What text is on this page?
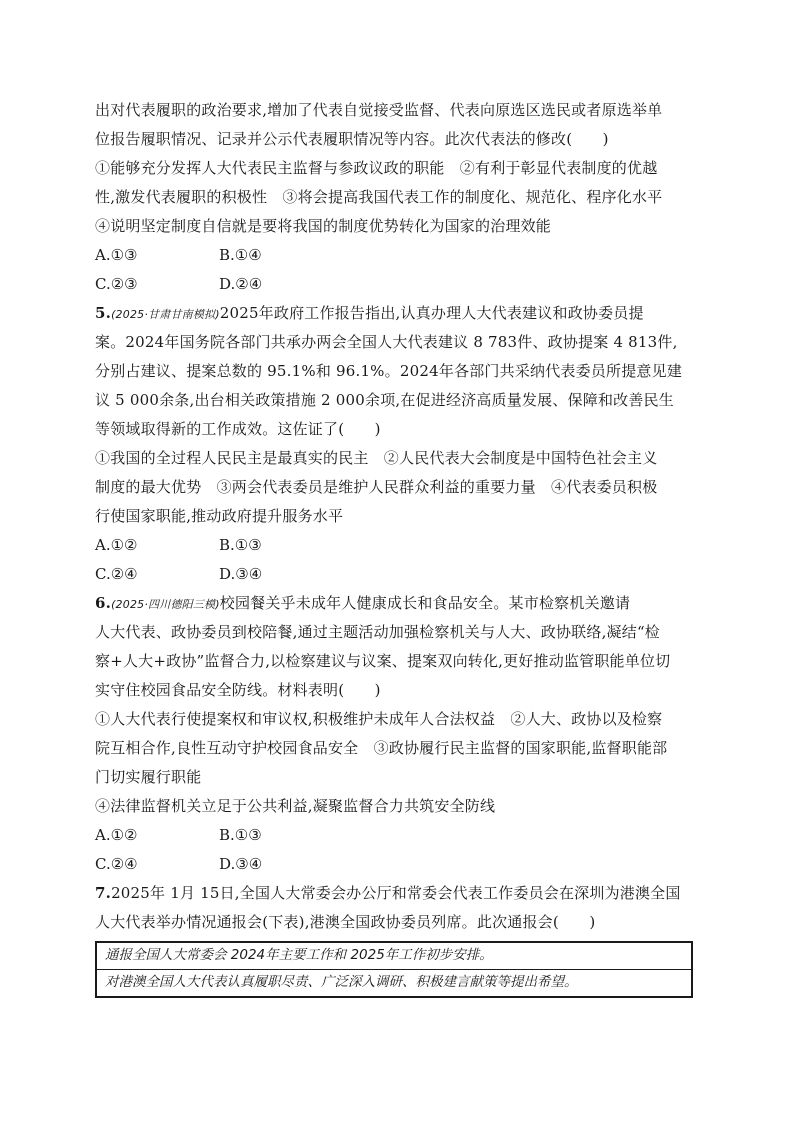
出对代表履职的政治要求,增加了代表自觉接受监督、代表向原选区选民或者原选举单
位报告履职情况、记录并公示代表履职情况等内容。此次代表法的修改(　　)
①能够充分发挥人大代表民主监督与参政议政的职能　②有利于彰显代表制度的优越
性,激发代表履职的积极性　③将会提高我国代表工作的制度化、规范化、程序化水平
④说明坚定制度自信就是要将我国的制度优势转化为国家的治理效能
A.①③	B.①④
C.②③	D.②④
5.(2025·甘肃甘南模拟)2025年政府工作报告指出,认真办理人大代表建议和政协委员提
案。2024年国务院各部门共承办两会全国人大代表建议 8 783件、政协提案 4 813件,
分别占建议、提案总数的 95.1%和 96.1%。2024年各部门共采纳代表委员所提意见建
议 5 000余条,出台相关政策措施 2 000余项,在促进经济高质量发展、保障和改善民生
等领域取得新的工作成效。这佐证了(　　)
①我国的全过程人民民主是最真实的民主　②人民代表大会制度是中国特色社会主义
制度的最大优势　③两会代表委员是维护人民群众利益的重要力量　④代表委员积极
行使国家职能,推动政府提升服务水平
A.①②	B.①③
C.②④	D.③④
6.(2025·四川德阳三模)校园餐关乎未成年人健康成长和食品安全。某市检察机关邀请
人大代表、政协委员到校陪餐,通过主题活动加强检察机关与人大、政协联络,凝结“检
察+人大+政协”监督合力,以检察建议与议案、提案双向转化,更好推动监管职能单位切
实守住校园食品安全防线。材料表明(　　)
①人大代表行使提案权和审议权,积极维护未成年人合法权益　②人大、政协以及检察
院互相合作,良性互动守护校园食品安全　③政协履行民主监督的国家职能,监督职能部
门切实履行职能
④法律监督机关立足于公共利益,凝聚监督合力共筑安全防线
A.①②	B.①③
C.②④	D.③④
7.2025年 1月 15日,全国人大常委会办公厅和常委会代表工作委员会在深圳为港澳全国
人大代表举办情况通报会(下表),港澳全国政协委员列席。此次通报会(　　)
通报全国人大常委会 2024年主要工作和 2025年工作初步安排。
对港澳全国人大代表认真履职尽责、广泛深入调研、积极建言献策等提出希望。
